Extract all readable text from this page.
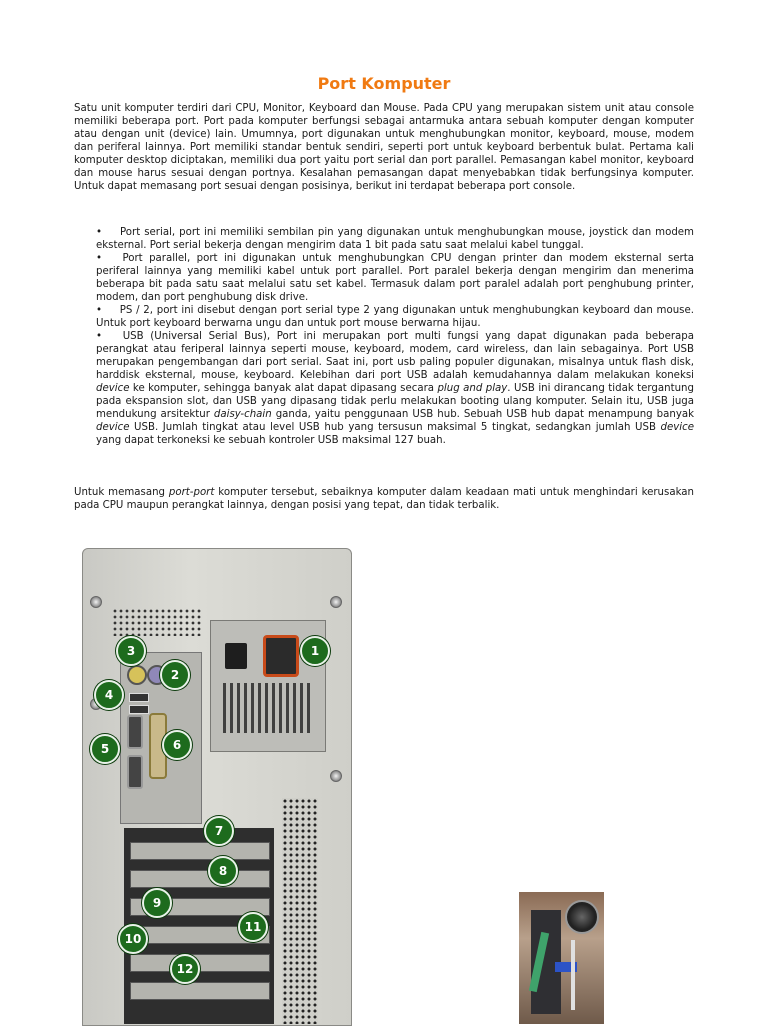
Port Komputer

Satu unit komputer terdiri dari CPU, Monitor, Keyboard dan Mouse. Pada CPU yang merupakan sistem unit atau console memiliki beberapa port. Port pada komputer berfungsi sebagai antarmuka antara sebuah komputer dengan komputer atau dengan unit (device) lain. Umumnya, port digunakan untuk menghubungkan monitor, keyboard, mouse, modem dan periferal lainnya. Port memiliki standar bentuk sendiri, seperti port untuk keyboard berbentuk bulat. Pertama kali komputer desktop diciptakan, memiliki dua port yaitu port serial dan port parallel. Pemasangan kabel monitor, keyboard dan mouse harus sesuai dengan portnya. Kesalahan pemasangan dapat menyebabkan tidak berfungsinya komputer. Untuk dapat memasang port sesuai dengan posisinya, berikut ini terdapat beberapa port console.

• Port serial, port ini memiliki sembilan pin yang digunakan untuk menghubungkan mouse, joystick dan modem eksternal. Port serial bekerja dengan mengirim data 1 bit pada satu saat melalui kabel tunggal.
• Port parallel, port ini digunakan untuk menghubungkan CPU dengan printer dan modem eksternal serta periferal lainnya yang memiliki kabel untuk port parallel. Port paralel bekerja dengan mengirim dan menerima beberapa bit pada satu saat melalui satu set kabel. Termasuk dalam port paralel adalah port penghubung printer, modem, dan port penghubung disk drive.
• PS / 2, port ini disebut dengan port serial type 2 yang digunakan untuk menghubungkan keyboard dan mouse. Untuk port keyboard berwarna ungu dan untuk port mouse berwarna hijau.
• USB (Universal Serial Bus), Port ini merupakan port multi fungsi yang dapat digunakan pada beberapa perangkat atau feriperal lainnya seperti mouse, keyboard, modem, card wireless, dan lain sebagainya. Port USB merupakan pengembangan dari port serial. Saat ini, port usb paling populer digunakan, misalnya untuk flash disk, harddisk eksternal, mouse, keyboard. Kelebihan dari port USB adalah kemudahannya dalam melakukan koneksi device ke komputer, sehingga banyak alat dapat dipasang secara plug and play. USB ini dirancang tidak tergantung pada ekspansion slot, dan USB yang dipasang tidak perlu melakukan booting ulang komputer. Selain itu, USB juga mendukung arsitektur daisy-chain ganda, yaitu penggunaan USB hub. Sebuah USB hub dapat menampung banyak device USB. Jumlah tingkat atau level USB hub yang tersusun maksimal 5 tingkat, sedangkan jumlah USB device yang dapat terkoneksi ke sebuah kontroler USB maksimal 127 buah.

Untuk memasang port-port komputer tersebut, sebaiknya komputer dalam keadaan mati untuk menghindari kerusakan pada CPU maupun perangkat lainnya, dengan posisi yang tepat, dan tidak terbalik.

1
2
3
4
5	6
7
8
9
10
11
12
